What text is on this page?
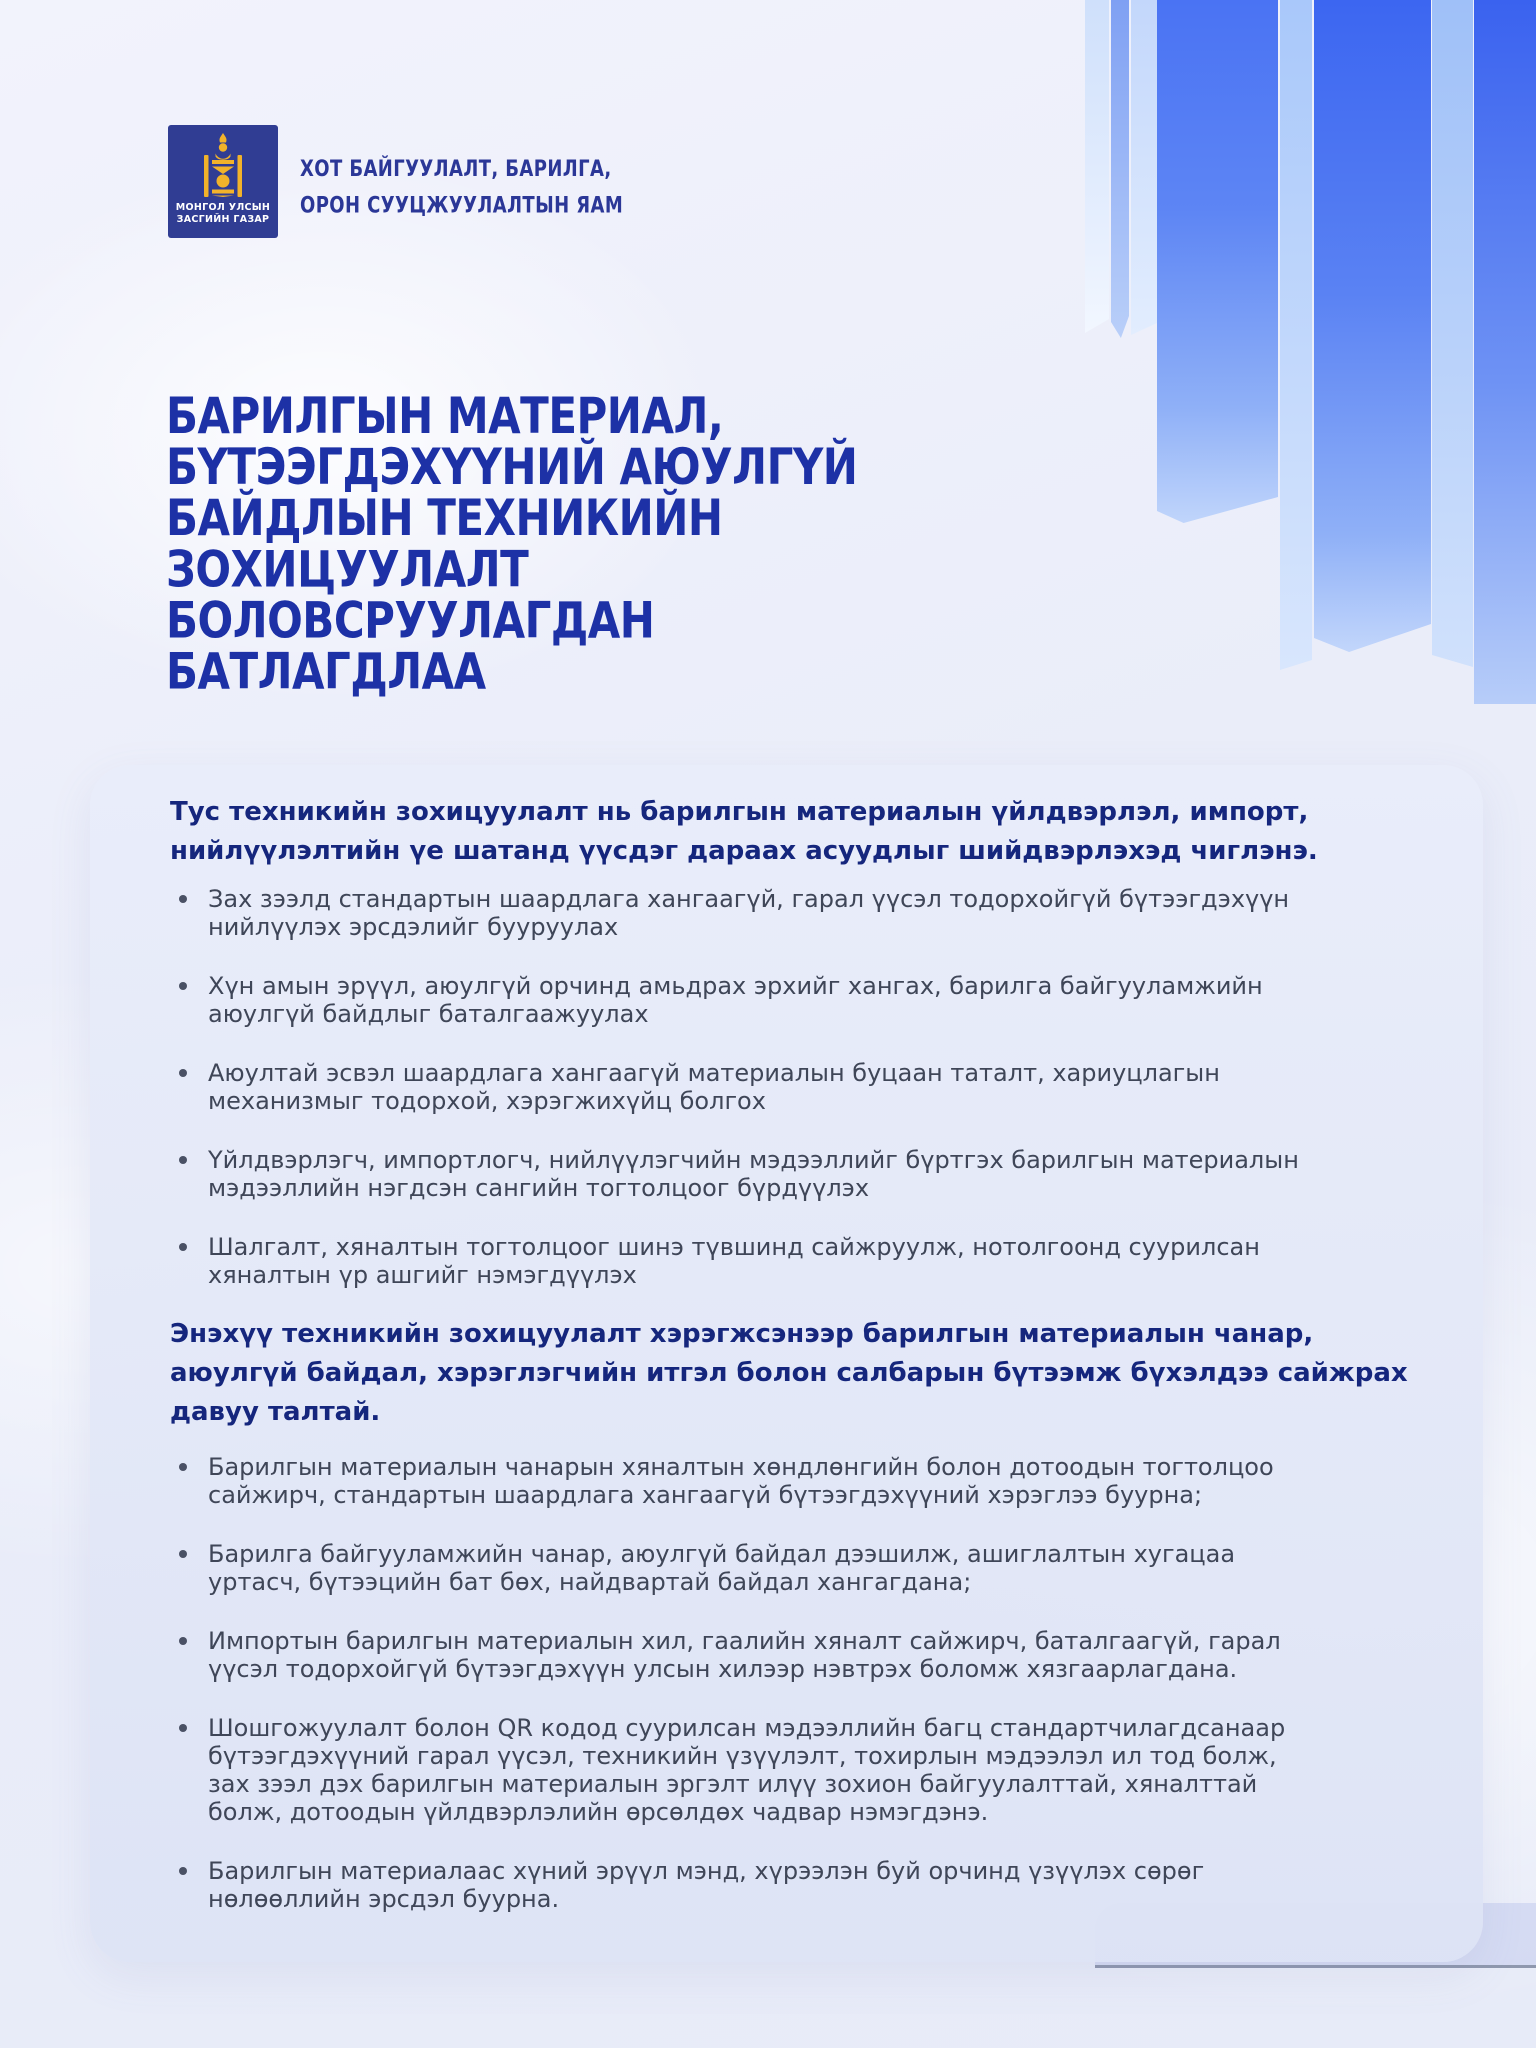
МОНГОЛ УЛСЫН
ЗАСГИЙН ГАЗАР
ХОТ БАЙГУУЛАЛТ, БАРИЛГА,
ОРОН СУУЦЖУУЛАЛТЫН ЯАМ
БАРИЛГЫН МАТЕРИАЛ,
БҮТЭЭГДЭХҮҮНИЙ АЮУЛГҮЙ
БАЙДЛЫН ТЕХНИКИЙН
ЗОХИЦУУЛАЛТ
БОЛОВСРУУЛАГДАН
БАТЛАГДЛАА

Тус техникийн зохицуулалт нь барилгын материалын үйлдвэрлэл, импорт,
нийлүүлэлтийн үе шатанд үүсдэг дараах асуудлыг шийдвэрлэхэд чиглэнэ.

Зах зээлд стандартын шаардлага хангаагүй, гарал үүсэл тодорхойгүй бүтээгдэхүүн
нийлүүлэх эрсдэлийг бууруулах
Хүн амын эрүүл, аюулгүй орчинд амьдрах эрхийг хангах, барилга байгууламжийн
аюулгүй байдлыг баталгаажуулах
Аюултай эсвэл шаардлага хангаагүй материалын буцаан таталт, хариуцлагын
механизмыг тодорхой, хэрэгжихүйц болгох
Үйлдвэрлэгч, импортлогч, нийлүүлэгчийн мэдээллийг бүртгэх барилгын материалын
мэдээллийн нэгдсэн сангийн тогтолцоог бүрдүүлэх
Шалгалт, хяналтын тогтолцоог шинэ түвшинд сайжруулж, нотолгоонд суурилсан
хяналтын үр ашгийг нэмэгдүүлэх

Энэхүү техникийн зохицуулалт хэрэгжсэнээр барилгын материалын чанар,
аюулгүй байдал, хэрэглэгчийн итгэл болон салбарын бүтээмж бүхэлдээ сайжрах
давуу талтай.

Барилгын материалын чанарын хяналтын хөндлөнгийн болон дотоодын тогтолцоо
сайжирч, стандартын шаардлага хангаагүй бүтээгдэхүүний хэрэглээ буурна;
Барилга байгууламжийн чанар, аюулгүй байдал дээшилж, ашиглалтын хугацаа
уртасч, бүтээцийн бат бөх, найдвартай байдал хангагдана;
Импортын барилгын материалын хил, гаалийн хяналт сайжирч, баталгаагүй, гарал
үүсэл тодорхойгүй бүтээгдэхүүн улсын хилээр нэвтрэх боломж хязгаарлагдана.
Шошгожуулалт болон QR кодод суурилсан мэдээллийн багц стандартчилагдсанаар
бүтээгдэхүүний гарал үүсэл, техникийн үзүүлэлт, тохирлын мэдээлэл ил тод болж,
зах зээл дэх барилгын материалын эргэлт илүү зохион байгуулалттай, хяналттай
болж, дотоодын үйлдвэрлэлийн өрсөлдөх чадвар нэмэгдэнэ.
Барилгын материалаас хүний эрүүл мэнд, хүрээлэн буй орчинд үзүүлэх сөрөг
нөлөөллийн эрсдэл буурна.
